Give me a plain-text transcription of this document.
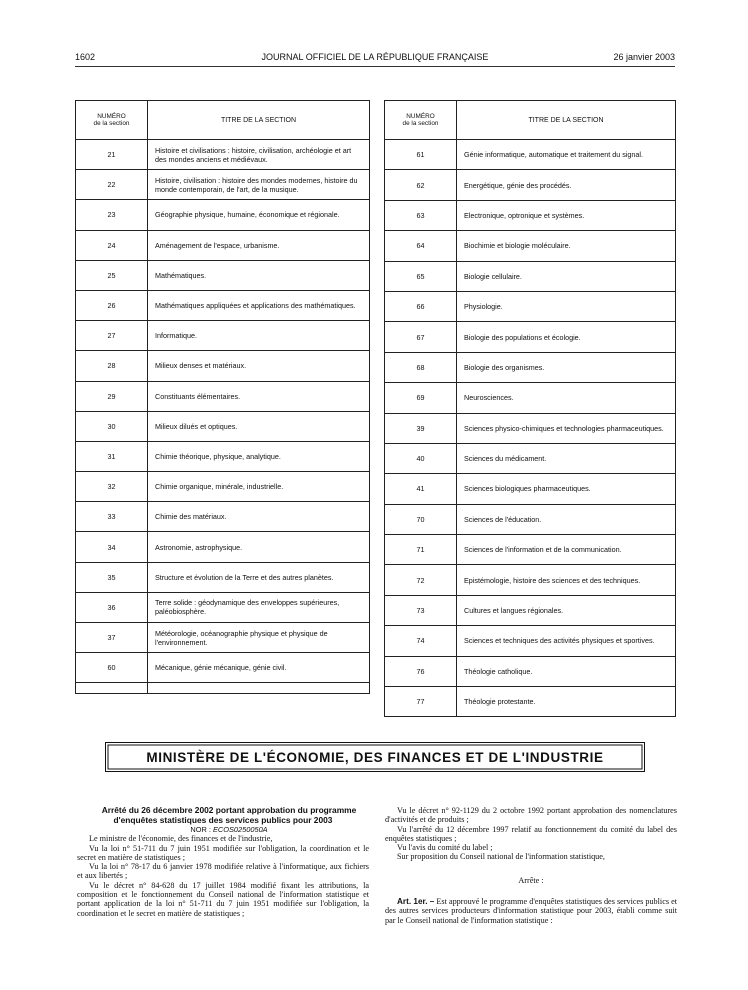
1602	JOURNAL OFFICIEL DE LA RÉPUBLIQUE FRANÇAISE	26 janvier 2003
NUMÉRO
de la section	TITRE DE LA SECTION
21	Histoire et civilisations : histoire, civilisation, archéologie et art des mondes anciens et médiévaux.
22	Histoire, civilisation : histoire des mondes modernes, histoire du monde contemporain, de l'art, de la musique.
23	Géographie physique, humaine, économique et régionale.
24	Aménagement de l'espace, urbanisme.
25	Mathématiques.
26	Mathématiques appliquées et applications des mathématiques.
27	Informatique.
28	Milieux denses et matériaux.
29	Constituants élémentaires.
30	Milieux dilués et optiques.
31	Chimie théorique, physique, analytique.
32	Chimie organique, minérale, industrielle.
33	Chimie des matériaux.
34	Astronomie, astrophysique.
35	Structure et évolution de la Terre et des autres planètes.
36	Terre solide : géodynamique des enveloppes supérieures, paléobiosphère.
37	Météorologie, océanographie physique et physique de l'environnement.
60	Mécanique, génie mécanique, génie civil.

NUMÉRO
de la section	TITRE DE LA SECTION
61	Génie informatique, automatique et traitement du signal.
62	Energétique, génie des procédés.
63	Electronique, optronique et systèmes.
64	Biochimie et biologie moléculaire.
65	Biologie cellulaire.
66	Physiologie.
67	Biologie des populations et écologie.
68	Biologie des organismes.
69	Neurosciences.
39	Sciences physico-chimiques et technologies pharmaceutiques.
40	Sciences du médicament.
41	Sciences biologiques pharmaceutiques.
70	Sciences de l'éducation.
71	Sciences de l'information et de la communication.
72	Epistémologie, histoire des sciences et des techniques.
73	Cultures et langues régionales.
74	Sciences et techniques des activités physiques et sportives.
76	Théologie catholique.
77	Théologie protestante.
MINISTÈRE DE L'ÉCONOMIE, DES FINANCES ET DE L'INDUSTRIE

Arrêté du 26 décembre 2002 portant approbation du programme d'enquêtes statistiques des services publics pour 2003

NOR : ECOS0250050A

Le ministre de l'économie, des finances et de l'industrie,

Vu la loi n° 51-711 du 7 juin 1951 modifiée sur l'obligation, la coordination et le secret en matière de statistiques ;

Vu la loi n° 78-17 du 6 janvier 1978 modifiée relative à l'informatique, aux fichiers et aux libertés ;

Vu le décret n° 84-628 du 17 juillet 1984 modifié fixant les attributions, la composition et le fonctionnement du Conseil national de l'information statistique et portant application de la loi n° 51-711 du 7 juin 1951 modifiée sur l'obligation, la coordination et le secret en matière de statistiques ;

Vu le décret n° 92-1129 du 2 octobre 1992 portant approbation des nomenclatures d'activités et de produits ;

Vu l'arrêté du 12 décembre 1997 relatif au fonctionnement du comité du label des enquêtes statistiques ;

Vu l'avis du comité du label ;

Sur proposition du Conseil national de l'information statistique,

Arrête :

Art. 1er. – Est approuvé le programme d'enquêtes statistiques des services publics et des autres services producteurs d'information statistique pour 2003, établi comme suit par le Conseil national de l'information statistique :
